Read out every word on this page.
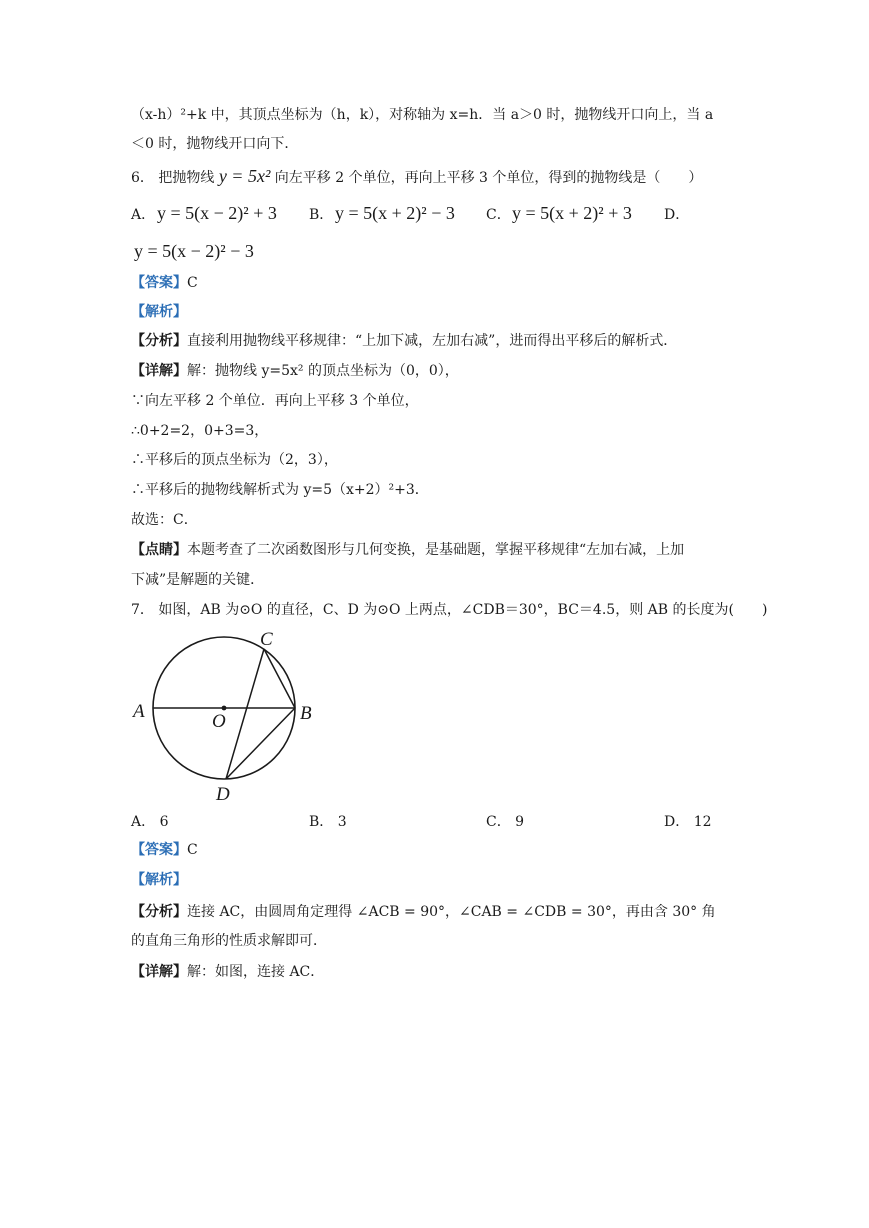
（x-h）²+k 中，其顶点坐标为（h，k），对称轴为 x=h．当 a＞0 时，抛物线开口向上，当 a
＜0 时，抛物线开口向下．
6． 把抛物线 y = 5x² 向左平移 2 个单位，再向上平移 3 个单位，得到的抛物线是（　　）
A． y = 5(x − 2)² + 3 B． y = 5(x + 2)² − 3 C． y = 5(x + 2)² + 3 D．
y = 5(x − 2)² − 3
【答案】C
【解析】
【分析】直接利用抛物线平移规律：“上加下减，左加右减”，进而得出平移后的解析式．
【详解】解：抛物线 y=5x² 的顶点坐标为（0，0），
∵向左平移 2 个单位．再向上平移 3 个单位，
∴0+2=2，0+3=3，
∴平移后的顶点坐标为（2，3），
∴平移后的抛物线解析式为 y=5（x+2）²+3．
故选：C．
【点睛】本题考查了二次函数图形与几何变换，是基础题，掌握平移规律“左加右减，上加
下减”是解题的关键．
7． 如图，AB 为⊙O 的直径，C、D 为⊙O 上两点，∠CDB＝30°，BC＝4.5，则 AB 的长度为(　　)
A	B
C
D
O
A． 6	B． 3	C． 9	D． 12
【答案】C
【解析】
【分析】连接 AC，由圆周角定理得 ∠ACB = 90°，∠CAB = ∠CDB = 30°，再由含 30° 角
的直角三角形的性质求解即可．
【详解】解：如图，连接 AC．
